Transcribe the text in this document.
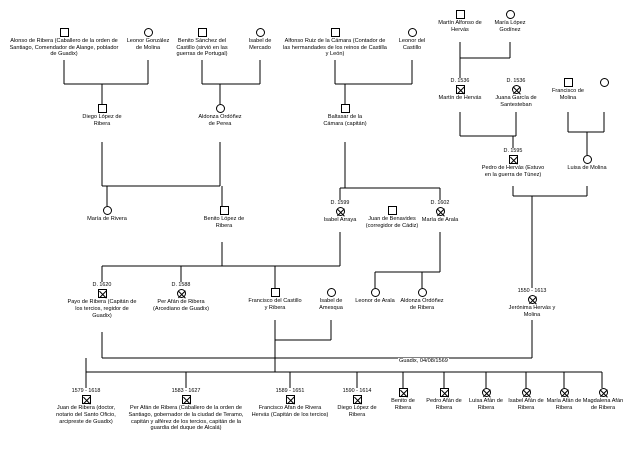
Alonso de Ribera (Caballero de la orden de Santiago, Comendador de Alange, poblador de Guadix)
Leonor González de Molina
Benito Sánchez del Castillo (sirvió en las guerras de Portugal)
Isabel de Mercado
Alfonso Ruiz de la Cámara (Contador de las hermandades de los reinos de Castilla y León)
Leonor del Castillo
Martín Alfonso de Hervás
María López Godínez
D. 1536
Martín de Hervás
D. 1536
Juana García de Santesteban
Francisco de Molina
Diego López de Ribera
Aldonza Ordóñez de Perea
Baltasar de la Cámara (capitán)
D. 1595
Pedro de Hervás (Estuvo en la guerra de Túnez)
Luisa de Molina
María de Rivera	Benito López de Ribera
D. 1599
Isabel Arraya	Juan de Benavides (corregidor de Cádiz)
D. 1602
María de Arala
D. 1620
Payo de Ribera (Capitán de los tercios, regidor de Guadix)
D. 1588
Per Afán de Ribera (Arcediano de Guadix)
Francisco del Castillo y Ribera
Isabel de Amesqua
Leonor de Arala	Aldonza Ordóñez de Ribera
1550 - 1613
Jerónima Hervás y Molina
1579 - 1618
Juan de Ribera (doctor, notario del Santo Oficio, arcipreste de Guadix)
1583 - 1627
Per Afán de Ribera (Caballero de la orden de Santiago, gobernador de la ciudad de Teramo, capitán y alférez de los tercios, capitán de la guardia del duque de Alcalá)
1589 - 1651
Francisco Afan de Rivera Hervás (Capitán de los tercios)
1590 - 1614
Diego López de Ribera
Benito de Ribera
Pedro Afán de Ribera
Luisa Afán de Ribera
Isabel Afán de Ribera
María Afán de Ribera
Magdalena Afán de Ribera
Guadix, 04/08/1569
